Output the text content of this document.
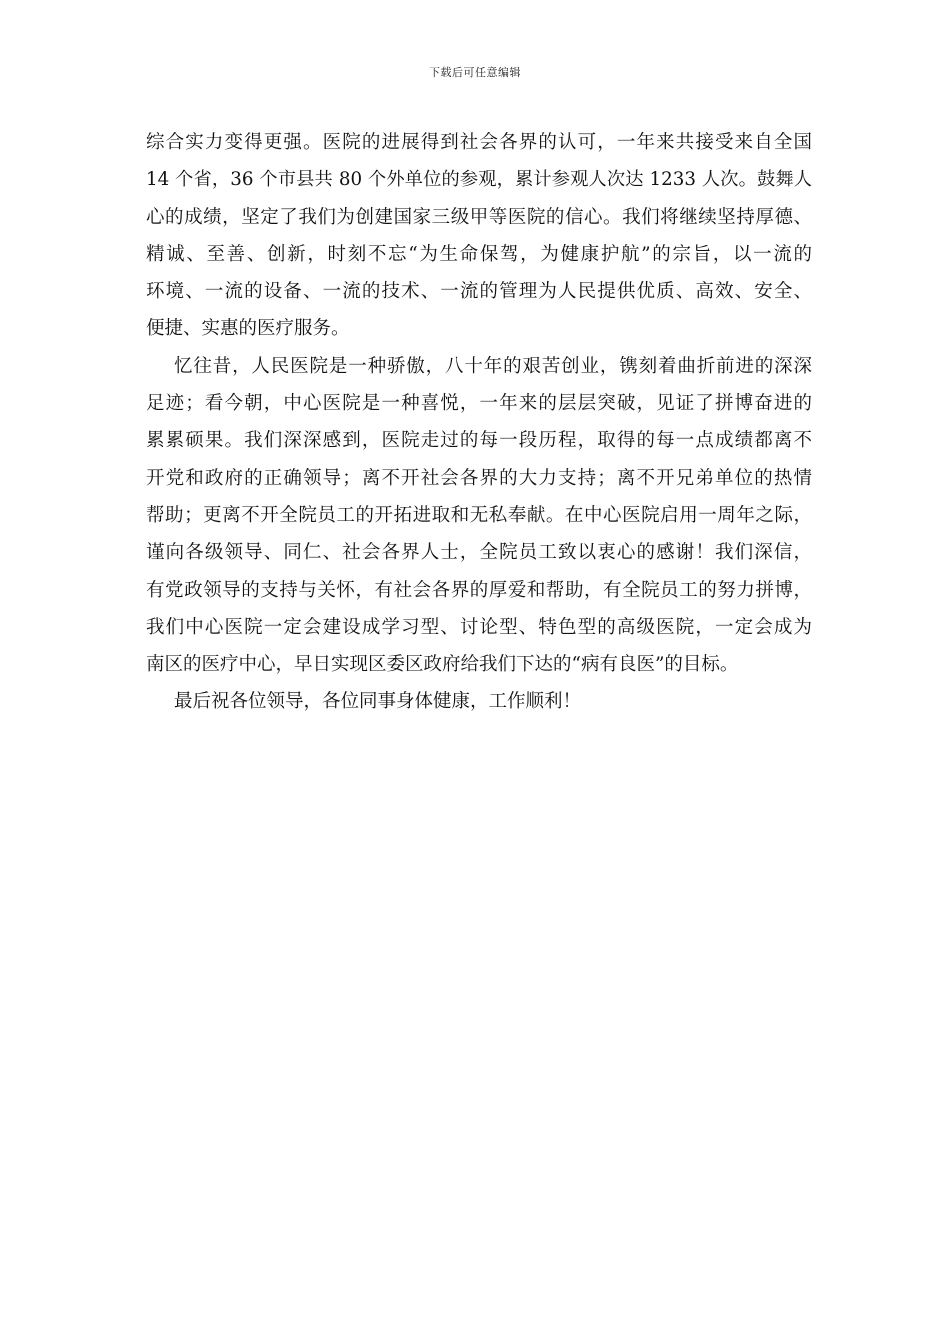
下载后可任意编辑
综合实力变得更强。医院的进展得到社会各界的认可，一年来共接受来自全国
14 个省，36 个市县共 80 个外单位的参观，累计参观人次达 1233 人次。鼓舞人
心的成绩，坚定了我们为创建国家三级甲等医院的信心。我们将继续坚持厚德、
精诚、至善、创新，时刻不忘“为生命保驾，为健康护航”的宗旨，以一流的
环境、一流的设备、一流的技术、一流的管理为人民提供优质、高效、安全、
便捷、实惠的医疗服务。
忆往昔，人民医院是一种骄傲，八十年的艰苦创业，镌刻着曲折前进的深深
足迹；看今朝，中心医院是一种喜悦，一年来的层层突破，见证了拼博奋进的
累累硕果。我们深深感到，医院走过的每一段历程，取得的每一点成绩都离不
开党和政府的正确领导；离不开社会各界的大力支持；离不开兄弟单位的热情
帮助；更离不开全院员工的开拓进取和无私奉献。在中心医院启用一周年之际，
谨向各级领导、同仁、社会各界人士，全院员工致以衷心的感谢！我们深信，
有党政领导的支持与关怀，有社会各界的厚爱和帮助，有全院员工的努力拼博，
我们中心医院一定会建设成学习型、讨论型、特色型的高级医院，一定会成为
南区的医疗中心，早日实现区委区政府给我们下达的“病有良医”的目标。
最后祝各位领导，各位同事身体健康，工作顺利！
